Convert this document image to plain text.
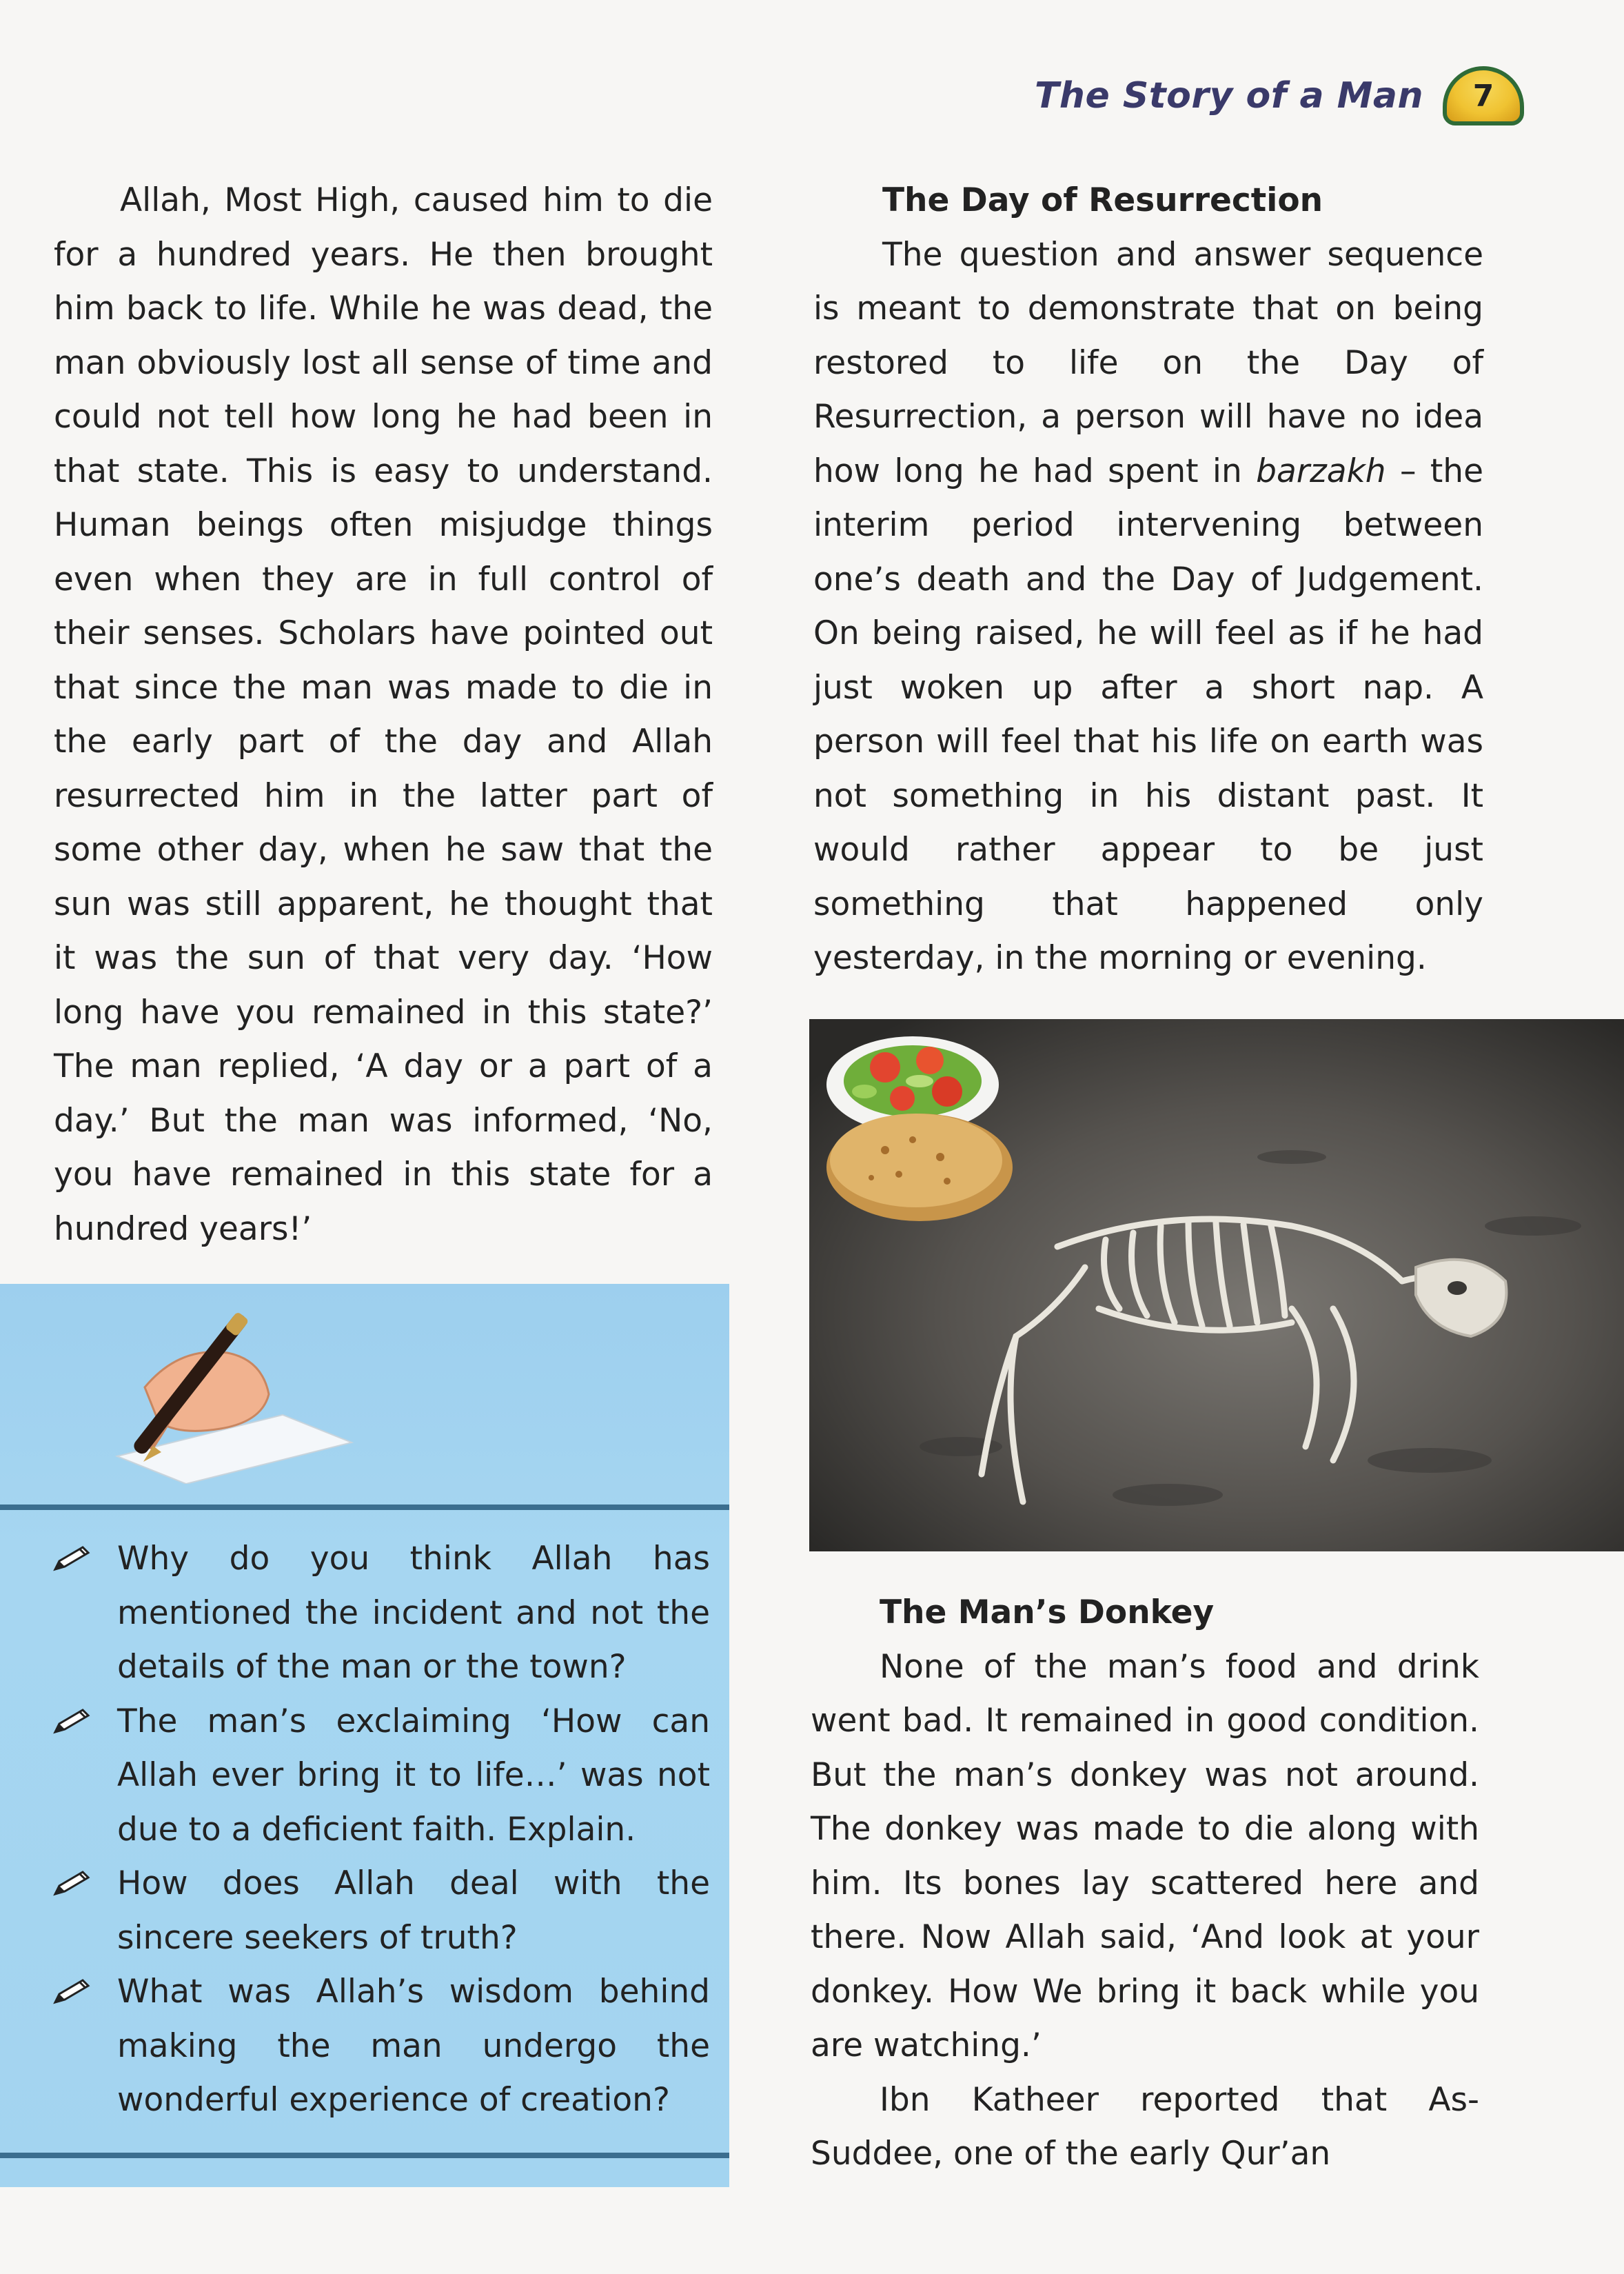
The Story of a Man	7

Allah, Most High, caused him to die for a hundred years. He then brought him back to life. While he was dead, the man obviously lost all sense of time and could not tell how long he had been in that state. This is easy to understand. Human beings often misjudge things even when they are in full control of their senses. Scholars have pointed out that since the man was made to die in the early part of the day and Allah resurrected him in the latter part of some other day, when he saw that the sun was still apparent, he thought that it was the sun of that very day. ‘How long have you remained in this state?’ The man replied, ‘A day or a part of a day.’ But the man was informed, ‘No, you have remained in this state for a hundred years!’

The Day of Resurrection

The question and answer sequence is meant to demonstrate that on being restored to life on the Day of Resurrection, a person will have no idea how long he had spent in barzakh – the interim period intervening between one’s death and the Day of Judgement. On being raised, he will feel as if he had just woken up after a short nap. A person will feel that his life on earth was not something in his distant past. It would rather appear to be just something that happened only yesterday, in the morning or evening.

The Man’s Donkey

None of the man’s food and drink went bad. It remained in good condition. But the man’s donkey was not around. The donkey was made to die along with him. Its bones lay scattered here and there. Now Allah said, ‘And look at your donkey. How We bring it back while you are watching.’

Ibn Katheer reported that As-Suddee, one of the early Qur’an

Why do you think Allah has mentioned the incident and not the details of the man or the town?
The man’s exclaiming ‘How can Allah ever bring it to life…’ was not due to a deficient faith. Explain.
How does Allah deal with the sincere seekers of truth?
What was Allah’s wisdom behind making the man undergo the wonderful experience of creation?
